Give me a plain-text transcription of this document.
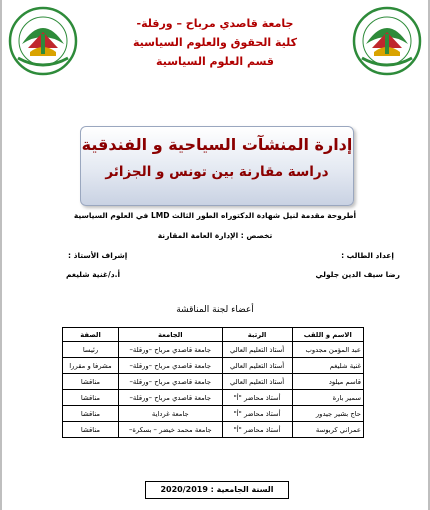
جامعة قاصدي مرباح – ورقلة-
كلية الحقوق والعلوم السياسية
قسم العلوم السياسية
إدارة المنشآت السياحية و الفندقية
دراسة مقارنة بين تونس و الجزائر
أطروحة مقدمة لنيل شهادة الدكتوراه الطور الثالث LMD في العلوم السياسية
تخصص : الإدارة العامة المقارنة
إعداد الطالب :
إشراف الأستاذ :
رضا سيف الدين جلولي
أ.د/غنية شليغم
أعضاء لجنة المناقشة
الاسم و اللقب	الرتبة	الجامعة	الصفة
عبد المؤمن مجدوب	أستاذ التعليم العالي	جامعة قاصدي مرباح –ورقلة–	رئيسا
غنية شليغم	أستاذ التعليم العالي	جامعة قاصدي مرباح –ورقلة–	مشرفا و مقررا
قاسم ميلود	أستاذ التعليم العالي	جامعة قاصدي مرباح –ورقلة–	مناقشا
سمير بارة	أستاذ محاضر "أ"	جامعة قاصدي مرباح –ورقلة–	مناقشا
حاج بشير جيدور	أستاذ محاضر "أ"	جامعة غرداية	مناقشا
عمراني كربوسة	أستاذ محاضر "أ"	جامعة محمد خيضر – بسكرة–	مناقشا
السنة الجامعية : 2020/2019
